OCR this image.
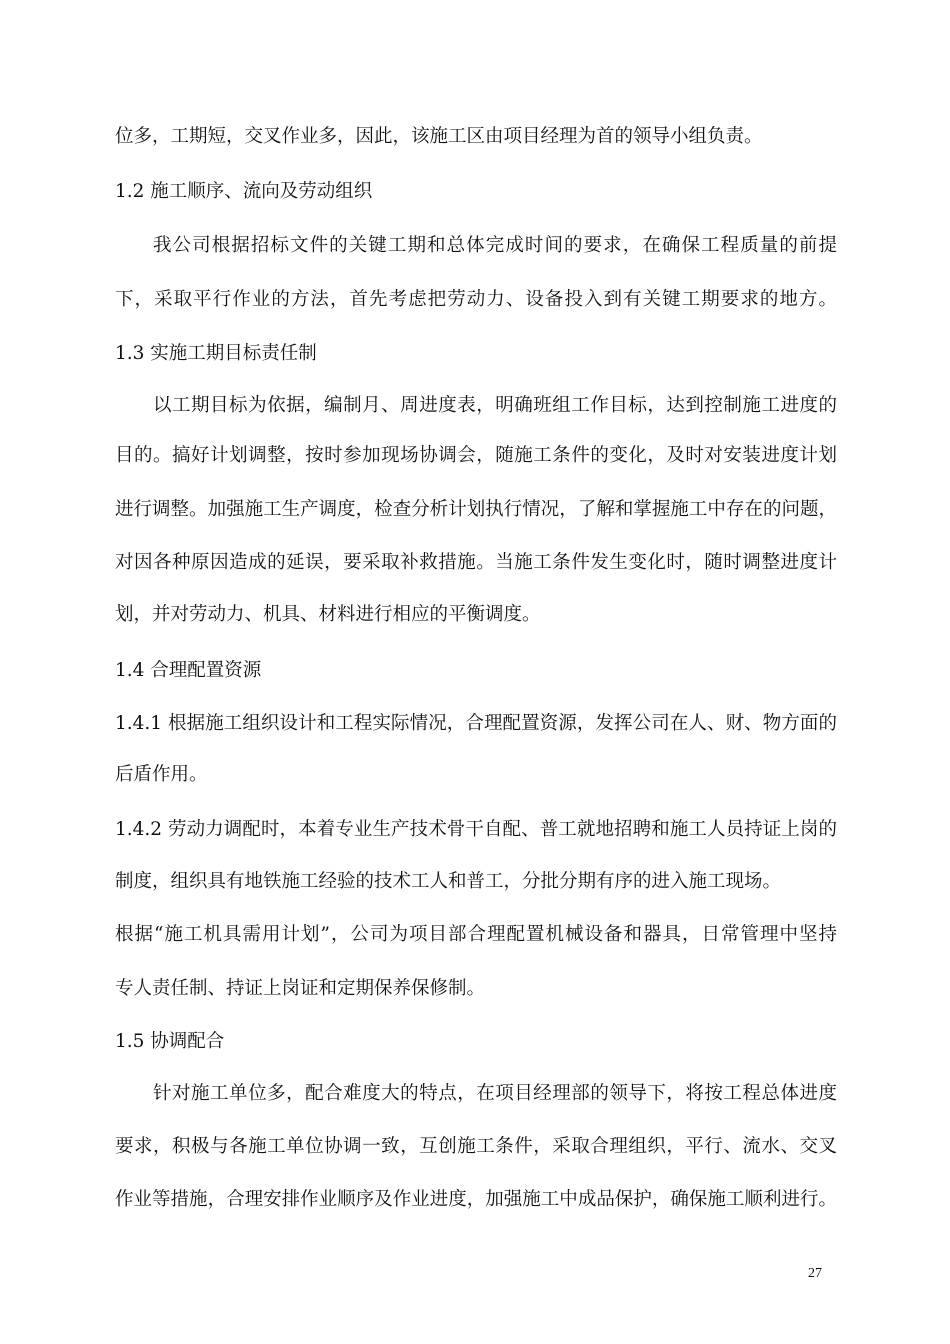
位多，工期短，交叉作业多，因此，该施工区由项目经理为首的领导小组负责。
1.2 施工顺序、流向及劳动组织
我公司根据招标文件的关键工期和总体完成时间的要求，在确保工程质量的前提
下，采取平行作业的方法，首先考虑把劳动力、设备投入到有关键工期要求的地方。
1.3 实施工期目标责任制
以工期目标为依据，编制月、周进度表，明确班组工作目标，达到控制施工进度的
目的。搞好计划调整，按时参加现场协调会，随施工条件的变化，及时对安装进度计划
进行调整。加强施工生产调度，检查分析计划执行情况，了解和掌握施工中存在的问题，
对因各种原因造成的延误，要采取补救措施。当施工条件发生变化时，随时调整进度计
划，并对劳动力、机具、材料进行相应的平衡调度。
1.4 合理配置资源
1.4.1 根据施工组织设计和工程实际情况，合理配置资源，发挥公司在人、财、物方面的
后盾作用。
1.4.2 劳动力调配时，本着专业生产技术骨干自配、普工就地招聘和施工人员持证上岗的
制度，组织具有地铁施工经验的技术工人和普工，分批分期有序的进入施工现场。
根据“施工机具需用计划”，公司为项目部合理配置机械设备和器具，日常管理中坚持
专人责任制、持证上岗证和定期保养保修制。
1.5 协调配合
针对施工单位多，配合难度大的特点，在项目经理部的领导下，将按工程总体进度
要求，积极与各施工单位协调一致，互创施工条件，采取合理组织，平行、流水、交叉
作业等措施，合理安排作业顺序及作业进度，加强施工中成品保护，确保施工顺利进行。
27
